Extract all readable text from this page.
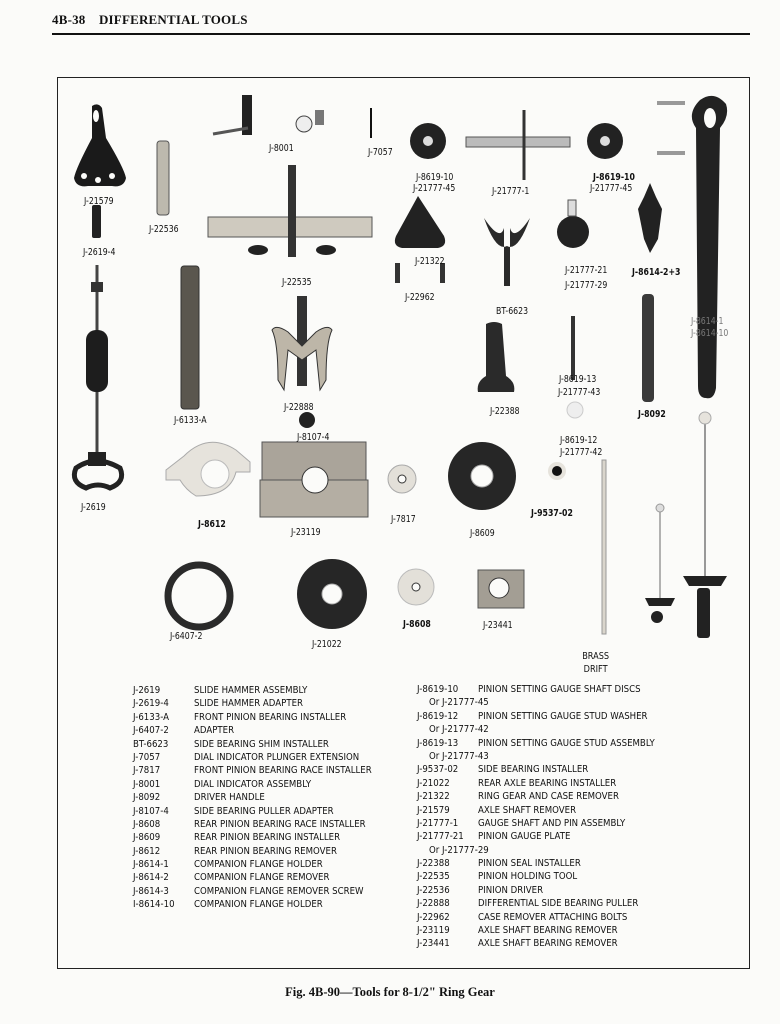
4B-38 DIFFERENTIAL TOOLS
J-21579
J-2619-4
J-22536
J-8001	J-7057
J-8619-10
J-21777-45	J-21777-1
J-8619-10
J-21777-45
J-22535
J-21322
J-22962
J-21777-21
J-21777-29
J-8614-2+3
J-8614-1
J-8614-10
BT-6623
J-6133-A
J-22888
J-8107-4
J-8619-13
J-21777-43
J-22388	J-8092
J-8619-12
J-21777-42
J-2619
J-8612
J-23119
J-7817
J-8609
J-9537-02
J-6407-2
J-21022
J-8608	J-23441
BRASS
DRIFT
J-2619	SLIDE HAMMER ASSEMBLY
J-2619-4	SLIDE HAMMER ADAPTER
J-6133-A FRONT PINION BEARING INSTALLER
J-6407-2	ADAPTER
BT-6623	SIDE BEARING SHIM INSTALLER
J-7057	DIAL INDICATOR PLUNGER EXTENSION
J-7817	FRONT PINION BEARING RACE INSTALLER
J-8001	DIAL INDICATOR ASSEMBLY
J-8092	DRIVER HANDLE
J-8107-4	SIDE BEARING PULLER ADAPTER
J-8608	REAR PINION BEARING RACE INSTALLER
J-8609	REAR PINION BEARING INSTALLER
J-8612	REAR PINION BEARING REMOVER
J-8614-1	COMPANION FLANGE HOLDER
J-8614-2	COMPANION FLANGE REMOVER
J-8614-3	COMPANION FLANGE REMOVER SCREW
I-8614-10 COMPANION FLANGE HOLDER
J-8619-10 PINION SETTING GAUGE SHAFT DISCS
Or J-21777-45
J-8619-12 PINION SETTING GAUGE STUD WASHER
Or J-21777-42
J-8619-13 PINION SETTING GAUGE STUD ASSEMBLY
Or J-21777-43
J-9537-02 SIDE BEARING INSTALLER
J-21022	REAR AXLE BEARING INSTALLER
J-21322	RING GEAR AND CASE REMOVER
J-21579	AXLE SHAFT REMOVER
J-21777-1 GAUGE SHAFT AND PIN ASSEMBLY
J-21777-21 PINION GAUGE PLATE
Or J-21777-29
J-22388	PINION SEAL INSTALLER
J-22535	PINION HOLDING TOOL
J-22536	PINION DRIVER
J-22888	DIFFERENTIAL SIDE BEARING PULLER
J-22962	CASE REMOVER ATTACHING BOLTS
J-23119	AXLE SHAFT BEARING REMOVER
J-23441	AXLE SHAFT BEARING REMOVER
Fig. 4B-90—Tools for 8-1/2" Ring Gear
